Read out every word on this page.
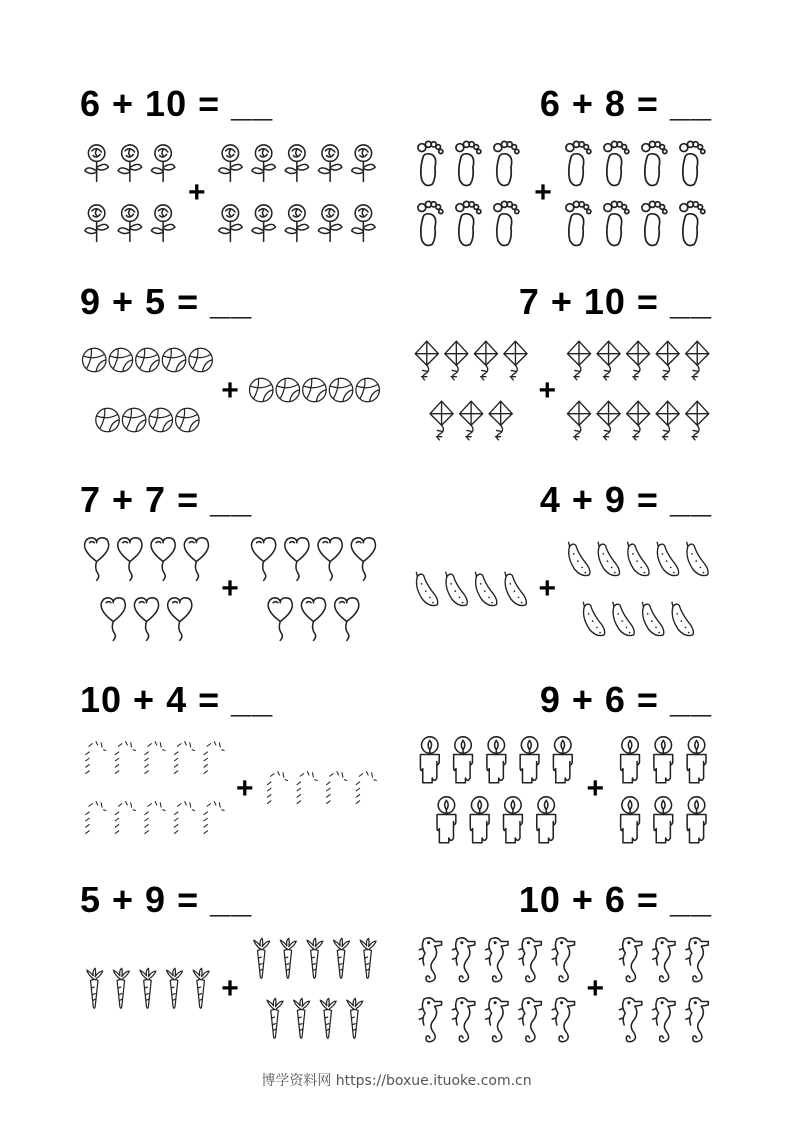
6 + 10 = __
+
6 + 8 = __
+
9 + 5 = __
+
7 + 10 = __
+
7 + 7 = __
+
4 + 9 = __
+
10 + 4 = __
+
9 + 6 = __
+
5 + 9 = __
+
10 + 6 = __
+
博学资料网 https://boxue.ituoke.com.cn
